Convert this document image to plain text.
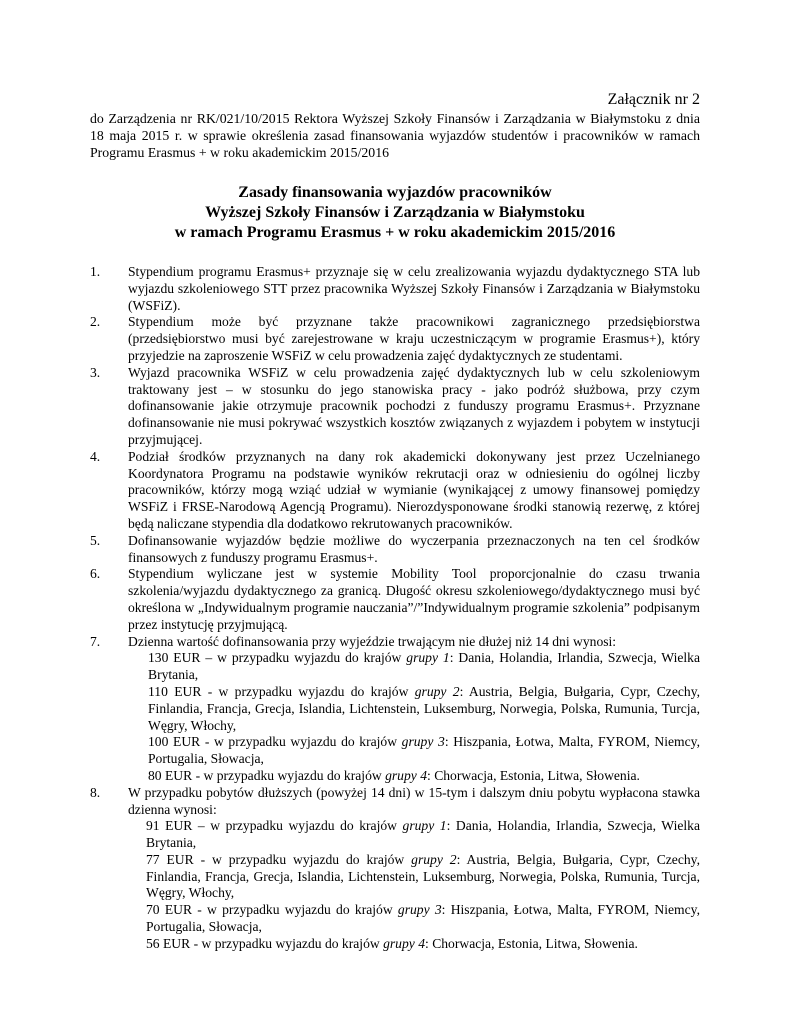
Załącznik nr 2
do Zarządzenia nr RK/021/10/2015 Rektora Wyższej Szkoły Finansów i Zarządzania w Białymstoku z dnia 18 maja 2015 r. w sprawie określenia zasad finansowania wyjazdów studentów i pracowników w ramach Programu Erasmus + w roku akademickim 2015/2016
Zasady finansowania wyjazdów pracowników
Wyższej Szkoły Finansów i Zarządzania w Białymstoku
w ramach Programu Erasmus + w roku akademickim 2015/2016
1. Stypendium programu Erasmus+ przyznaje się w celu zrealizowania wyjazdu dydaktycznego STA lub wyjazdu szkoleniowego STT przez pracownika Wyższej Szkoły Finansów i Zarządzania w Białymstoku (WSFiZ).
2. Stypendium może być przyznane także pracownikowi zagranicznego przedsiębiorstwa (przedsiębiorstwo musi być zarejestrowane w kraju uczestniczącym w programie Erasmus+), który przyjedzie na zaproszenie WSFiZ w celu prowadzenia zajęć dydaktycznych ze studentami.
3. Wyjazd pracownika WSFiZ w celu prowadzenia zajęć dydaktycznych lub w celu szkoleniowym traktowany jest – w stosunku do jego stanowiska pracy - jako podróż służbowa, przy czym dofinansowanie jakie otrzymuje pracownik pochodzi z funduszy programu Erasmus+. Przyznane dofinansowanie nie musi pokrywać wszystkich kosztów związanych z wyjazdem i pobytem w instytucji przyjmującej.
4. Podział środków przyznanych na dany rok akademicki dokonywany jest przez Uczelnianego Koordynatora Programu na podstawie wyników rekrutacji oraz w odniesieniu do ogólnej liczby pracowników, którzy mogą wziąć udział w wymianie (wynikającej z umowy finansowej pomiędzy WSFiZ i FRSE-Narodową Agencją Programu). Nierozdysponowane środki stanowią rezerwę, z której będą naliczane stypendia dla dodatkowo rekrutowanych pracowników.
5. Dofinansowanie wyjazdów będzie możliwe do wyczerpania przeznaczonych na ten cel środków finansowych z funduszy programu Erasmus+.
6. Stypendium wyliczane jest w systemie Mobility Tool proporcjonalnie do czasu trwania szkolenia/wyjazdu dydaktycznego za granicą. Długość okresu szkoleniowego/dydaktycznego musi być określona w „Indywidualnym programie nauczania”/”Indywidualnym programie szkolenia” podpisanym przez instytucję przyjmującą.
7. Dzienna wartość dofinansowania przy wyjeździe trwającym nie dłużej niż 14 dni wynosi:
130 EUR – w przypadku wyjazdu do krajów grupy 1: Dania, Holandia, Irlandia, Szwecja, Wielka Brytania,
110 EUR - w przypadku wyjazdu do krajów grupy 2: Austria, Belgia, Bułgaria, Cypr, Czechy, Finlandia, Francja, Grecja, Islandia, Lichtenstein, Luksemburg, Norwegia, Polska, Rumunia, Turcja, Węgry, Włochy,
100 EUR - w przypadku wyjazdu do krajów grupy 3: Hiszpania, Łotwa, Malta, FYROM, Niemcy, Portugalia, Słowacja,
80 EUR - w przypadku wyjazdu do krajów grupy 4: Chorwacja, Estonia, Litwa, Słowenia.
8. W przypadku pobytów dłuższych (powyżej 14 dni) w 15-tym i dalszym dniu pobytu wypłacona stawka dzienna wynosi:
91 EUR – w przypadku wyjazdu do krajów grupy 1: Dania, Holandia, Irlandia, Szwecja, Wielka Brytania,
77 EUR - w przypadku wyjazdu do krajów grupy 2: Austria, Belgia, Bułgaria, Cypr, Czechy, Finlandia, Francja, Grecja, Islandia, Lichtenstein, Luksemburg, Norwegia, Polska, Rumunia, Turcja, Węgry, Włochy,
70 EUR - w przypadku wyjazdu do krajów grupy 3: Hiszpania, Łotwa, Malta, FYROM, Niemcy, Portugalia, Słowacja,
56 EUR - w przypadku wyjazdu do krajów grupy 4: Chorwacja, Estonia, Litwa, Słowenia.
